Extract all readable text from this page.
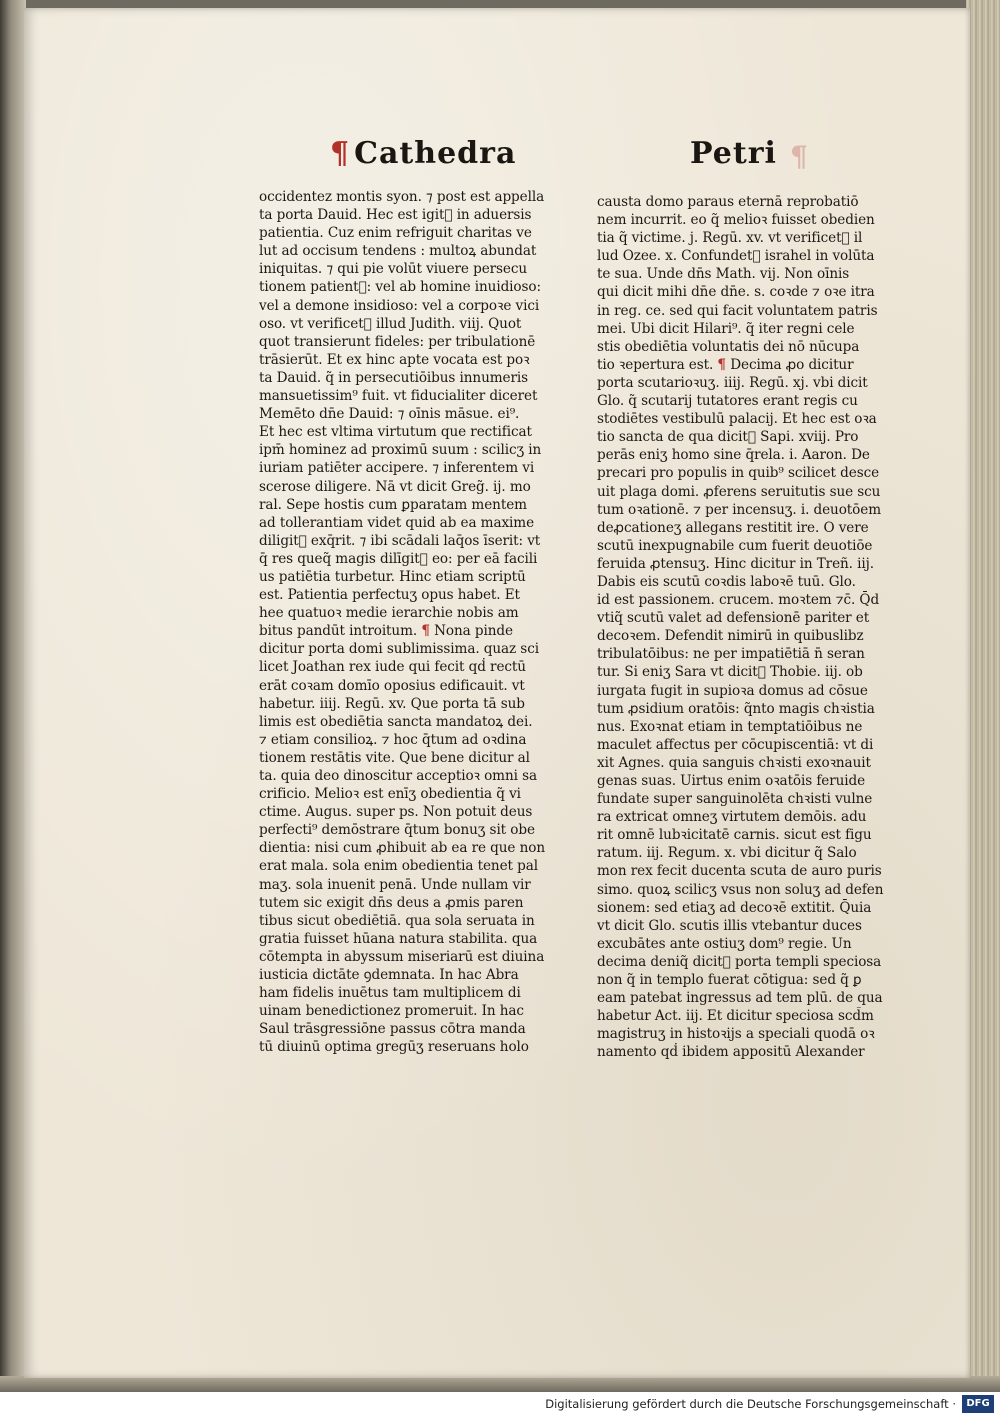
¶ Cathedra	Petri ¶
occidentez montis syon. ⁊ post est appella
ta porta Dauid. Hec est igit᷑ in aduersis
patientia. Cuz enim refriguit charitas ve
lut ad occisum tendens : multoꝝ abundat
iniquitas. ⁊ qui pie volūt viuere persecu
tionem patient᷑: vel ab homine inuidioso:
vel a demone insidioso: vel a corpoꝛe vici
oso. vt verificet᷑ illud Judith. viij. Quot
quot transierunt fideles: per tribulationē
trāsierūt. Et ex hinc apte vocata est poꝛ
ta Dauid. q̃ in persecutiōibus innumeris
mansuetissim⁹ fuit. vt fiducialiter diceret
Memēto dn̄e Dauid: ⁊ oīnis māsue. ei⁹.
Et hec est vltima virtutum que rectificat
ipm̄ hominez ad proximū suum : scilicʒ in
iuriam patiēter accipere. ⁊ inferentem vi
scerose diligere. Nā vt dicit Greg̃. ij. mo
ral. Sepe hostis cum ꝑparatam mentem
ad tollerantiam videt quid ab ea maxime
diligit᷑ exq̄rit. ⁊ ibi scādali laq̄os īserit: vt
q̄ res queq̃ magis dilīgit᷑ eo: per eā facili
us patiētia turbetur. Hinc etiam scriptū
est. Patientia perfectuʒ opus habet. Et
hee quatuoꝛ medie ierarchie nobis am
bitus pandūt introitum. ¶ Nona pinde
dicitur porta domi sublimissima. quaz sci
licet Joathan rex iude qui fecit qḋ rectū
erāt coꝛam domīo oposius edificauit. vt
habetur. iiij. Regū. xv. Que porta tā sub
limis est obediētia sancta mandatoꝝ dei.
⁊ etiam consilioꝝ. ⁊ hoc q̄tum ad oꝛdina
tionem restātis vite. Que bene dicitur al
ta. quia deo dinoscitur acceptioꝛ omni sa
crificio. Melioꝛ est enīʒ obedientia q̃ vi
ctime. Augus. super ps. Non potuit deus
perfecti⁹ demōstrare q̄tum bonuʒ sit obe
dientia: nisi cum ꝓhibuit ab ea re que non
erat mala. sola enim obedientia tenet pal
maʒ. sola inuenit penā. Unde nullam vir
tutem sic exigit dn̄s deus a ꝓmis paren
tibus sicut obediētiā. qua sola seruata in
gratia fuisset hūana natura stabilita. qua
cōtempta in abyssum miseriarū est diuina
iusticia dictāte ꝯdemnata. In hac Abra
ham fidelis inuētus tam multiplicem di
uinam benedictionez promeruit. In hac
Saul trāsgressiōne passus cōtra manda
tū diuinū optima gregūʒ reseruans holo
causta domo paraus eternā reprobatiō
nem incurrit. eo q̃ melioꝛ fuisset obedien
tia q̃ victime. j. Regū. xv. vt verificet᷑ il
lud Ozee. x. Confundet᷑ israhel in volūta
te sua. Unde dn̄s Math. vij. Non oīnis
qui dicit mihi dn̄e dn̄e. s. coꝛde ⁊ oꝛe itra
in reg. ce. sed qui facit voluntatem patris
mei. Ubi dicit Hilari⁹. q̃ iter regni cele
stis obediētia voluntatis dei nō nūcupa
tio ꝛepertura est. ¶ Decima ꝓo dicitur
porta scutarioꝛuʒ. iiij. Regū. xj. vbi dicit
Glo. q̃ scutarij tutatores erant regis cu
stodiētes vestibulū palacij. Et hec est oꝛa
tio sancta de qua dicit᷑ Sapi. xviij. Pro
perās eniʒ homo sine q̄rela. i. Aaron. De
precari pro populis in quib⁹ scilicet desce
uit plaga domi. ꝓferens seruitutis sue scu
tum oꝛationē. ⁊ per incensuʒ. i. deuotōem
deꝓcationeʒ allegans restitit ire. O vere
scutū inexpugnabile cum fuerit deuotiōe
feruida ꝓtensuʒ. Hinc dicitur in Treñ. iij.
Dabis eis scutū coꝛdis laboꝛē tuū. Glo.
id est passionem. crucem. moꝛtem ⁊c̄. Q̄d
vtiq̃ scutū valet ad defensionē pariter et
decoꝛem. Defendit nimirū in quibuslibz
tribulatōibus: ne per impatiētiā n̄ seran
tur. Si eniʒ Sara vt dicit᷑ Thobie. iij. ob
iurgata fugit in supioꝛa domus ad cōsue
tum ꝓsidium oratōis: q̃nto magis chꝛistia
nus. Exoꝛnat etiam in temptatiōibus ne
maculet affectus per cōcupiscentiā: vt di
xit Agnes. quia sanguis chꝛisti exoꝛnauit
genas suas. Uirtus enim oꝛatōis feruide
fundate super sanguinolēta chꝛisti vulne
ra extricat omneʒ virtutem demōis. adu
rit omnē lubꝛicitatē carnis. sicut est figu
ratum. iij. Regum. x. vbi dicitur q̃ Salo
mon rex fecit ducenta scuta de auro puris
simo. quoꝝ scilicʒ vsus non soluʒ ad defen
sionem: sed etiaʒ ad decoꝛē extitit. Q̄uia
vt dicit Glo. scutis illis vtebantur duces
excubātes ante ostiuʒ dom⁹ regie. Un
decima deniq̃ dicit᷑ porta templi speciosa
non q̃ in templo fuerat cōtigua: sed q̃ ꝑ
eam patebat ingressus ad tem plū. de qua
habetur Act. iij. Et dicitur speciosa scd̄m
magistruʒ in histoꝛijs a speciali quodā oꝛ
namento qḋ ibidem appositū Alexander
Digitalisierung gefördert durch die Deutsche Forschungsgemeinschaft ·	DFG
